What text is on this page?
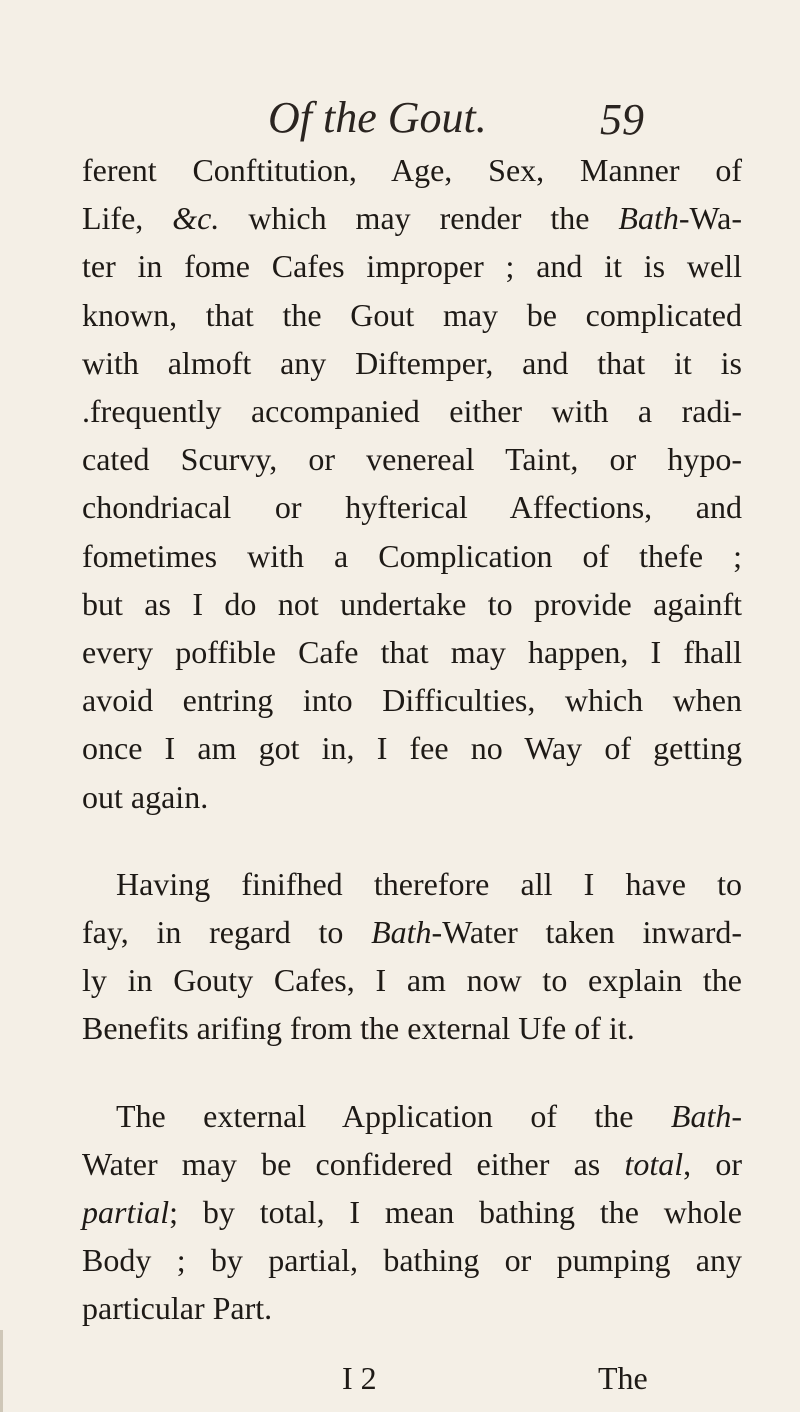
Of the Gout.	59
ferent Conftitution, Age, Sex, Manner of
Life, &c. which may render the Bath-Wa-
ter in fome Cafes improper ; and it is well
known, that the Gout may be complicated
with almoft any Diftemper, and that it is
.frequently accompanied either with a radi-
cated Scurvy, or venereal Taint, or hypo-
chondriacal or hyfterical Affections, and
fometimes with a Complication of thefe ;
but as I do not undertake to provide againft
every poffible Cafe that may happen, I fhall
avoid entring into Difficulties, which when
once I am got in, I fee no Way of getting
out again.
Having finifhed therefore all I have to
fay, in regard to Bath-Water taken inward-
ly in Gouty Cafes, I am now to explain the
Benefits arifing from the external Ufe of it.
The external Application of the Bath-
Water may be confidered either as total, or
partial; by total, I mean bathing the whole
Body ; by partial, bathing or pumping any
particular Part.
I 2	The
